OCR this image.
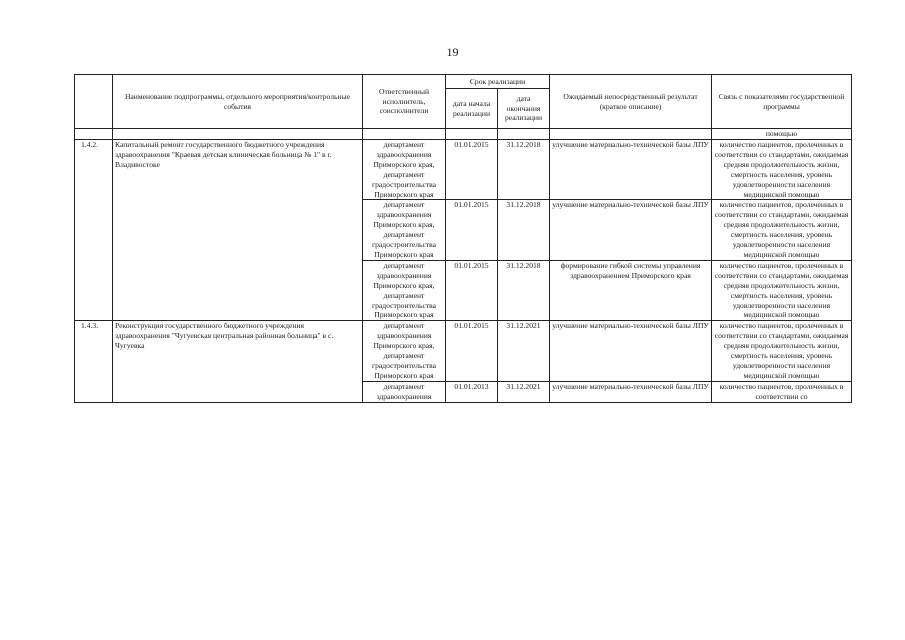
19
	Наименование подпрограммы, отдельного мероприятия/контрольные события	Ответственный исполнитель, соисполнители	Срок реализации		Ожидаемый непосредственный результат (краткое описание)	Связь с показателями государственной программы
			дата начала реализации	дата окончания реализации		
						помощью
1.4.2.	Капитальный ремонт государственного бюджетного учреждения здравоохранения "Краевая детская клиническая больница № 1" в г. Владивостоке	департамент здравоохранения Приморского края, департамент градостроительства Приморского края	01.01.2015	31.12.2018	улучшение материально-технической базы ЛПУ	количество пациентов, пролеченных в соответствии со стандартами, ожидаемая средняя продолжительность жизни, смертность населения, уровень удовлетворенности населения медицинской помощью
		департамент здравоохранения Приморского края, департамент градостроительства Приморского края	01.01.2015	31.12.2018	улучшение материально-технической базы ЛПУ	количество пациентов, пролеченных в соответствии со стандартами, ожидаемая средняя продолжительность жизни, смертность населения, уровень удовлетворенности населения медицинской помощью
		департамент здравоохранения Приморского края, департамент градостроительства Приморского края	01.01.2015	31.12.2018	формирование гибкой системы управления здравоохранением Приморского края	количество пациентов, пролеченных в соответствии со стандартами, ожидаемая средняя продолжительность жизни, смертность населения, уровень удовлетворенности населения медицинской помощью
1.4.3.	Реконструкция государственного бюджетного учреждения здравоохранения "Чугуевская центральная районная больница" в с. Чугуевка	департамент здравоохранения Приморского края, департамент градостроительства Приморского края	01.01.2015	31.12.2021	улучшение материально-технической базы ЛПУ	количество пациентов, пролеченных в соответствии со стандартами, ожидаемая средняя продолжительность жизни, смертность населения, уровень удовлетворенности населения медицинской помощью
		департамент здравоохранения	01.01.2013	31.12.2021	улучшение материально-технической базы ЛПУ	количество пациентов, пролеченных в соответствии со
